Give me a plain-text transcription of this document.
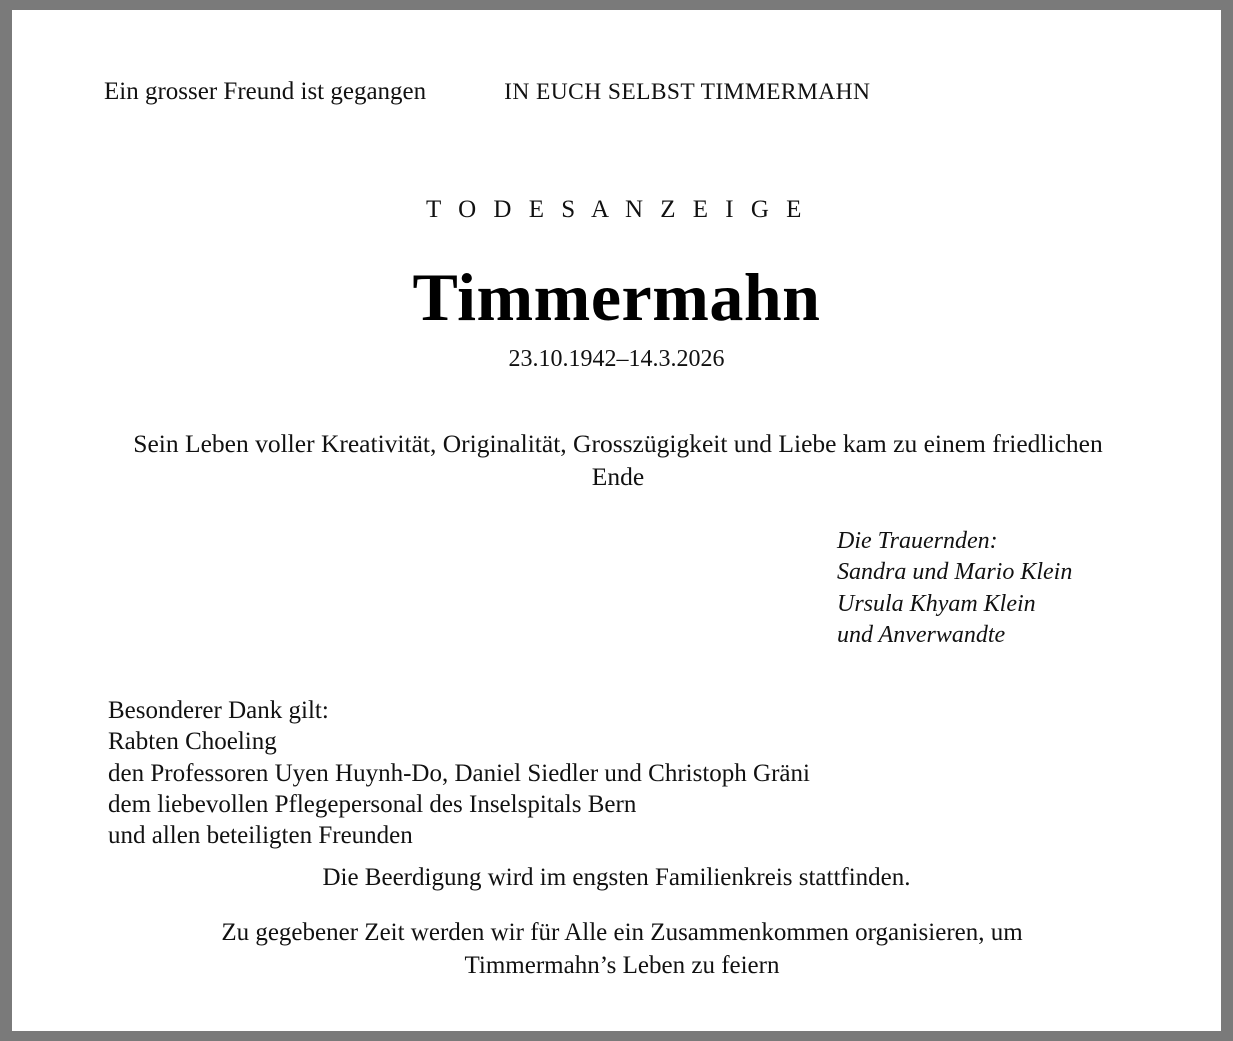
Ein grosser Freund ist gegangen	IN EUCH SELBST TIMMERMAHN
T O D E S A N Z E I G E
Timmermahn
23.10.1942–14.3.2026
Sein Leben voller Kreativität, Originalität, Grosszügigkeit und Liebe kam zu einem friedlichen Ende
Die Trauernden:
Sandra und Mario Klein
Ursula Khyam Klein
und Anverwandte
Besonderer Dank gilt:
Rabten Choeling
den Professoren Uyen Huynh-Do, Daniel Siedler und Christoph Gräni
dem liebevollen Pflegepersonal des Inselspitals Bern
und allen beteiligten Freunden
Die Beerdigung wird im engsten Familienkreis stattfinden.
Zu gegebener Zeit werden wir für Alle ein Zusammenkommen organisieren, um Timmermahn’s Leben zu feiern
